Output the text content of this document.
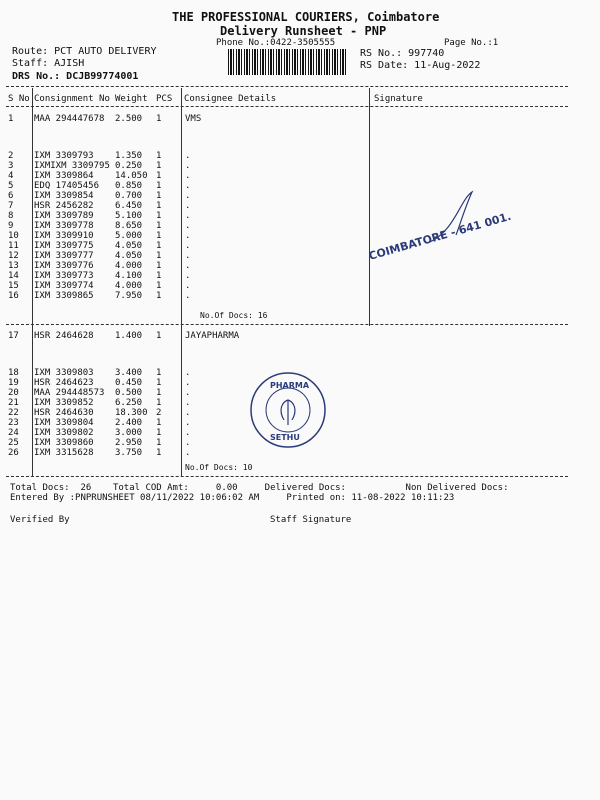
THE PROFESSIONAL COURIERS, Coimbatore
Delivery Runsheet - PNP
Phone No.:0422-3505555	Page No.:1
Route: PCT AUTO DELIVERY
Staff: AJISH
DRS No.: DCJB99774001
RS No.: 997740
RS Date: 11-Aug-2022
S No Consignment No Weight PCS Consignee Details	Signature
1 MAA 294447678 2.500 1	VMS
2 IXM 3309793 1.350 1	.
3 IXMIXM 3309795 0.250 1	.
4 IXM 3309864 14.050 1	.
5 EDQ 17405456 0.850 1	.
6 IXM 3309854 0.700 1	.
7 HSR 2456282 6.450 1	.
8 IXM 3309789 5.100 1	.
9 IXM 3309778 8.650 1	.
10 IXM 3309910 5.000 1	.
11 IXM 3309775 4.050 1	.
12 IXM 3309777 4.050 1	.
13 IXM 3309776 4.000 1	.
14 IXM 3309773 4.100 1	.
15 IXM 3309774 4.000 1	.
16 IXM 3309865 7.950 1	.
No.Of Docs: 16
17 HSR 2464628 1.400 1	JAYAPHARMA
18 IXM 3309803 3.400 1	.
19 HSR 2464623 0.450 1	.
20 MAA 294448573 0.500 1	.
21 IXM 3309852 6.250 1	.
22 HSR 2464630 18.300 2	.
23 IXM 3309804 2.400 1	.
24 IXM 3309802 3.000 1	.
25 IXM 3309860 2.950 1	.
26 IXM 3315628 3.750 1	.
No.Of Docs: 10
Total Docs:  26    Total COD Amt:     0.00     Delivered Docs:           Non Delivered Docs:
Entered By :PNPRUNSHEET 08/11/2022 10:06:02 AM     Printed on: 11-08-2022 10:11:23
Verified By	Staff Signature
COIMBATORE - 641 001.
PHARMA
SETHU
